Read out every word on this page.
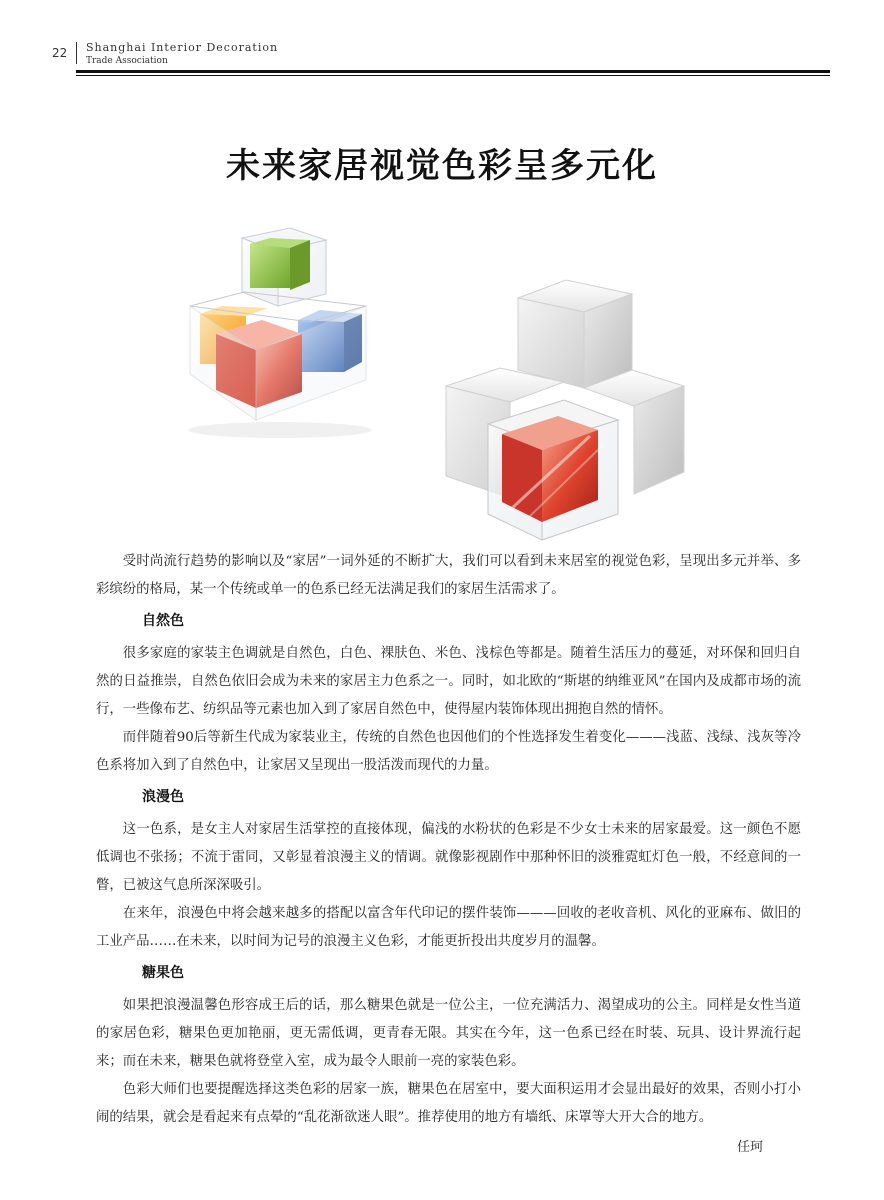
22 Shanghai Interior Decoration
Trade Association
未来家居视觉色彩呈多元化

受时尚流行趋势的影响以及“家居”一词外延的不断扩大，我们可以看到未来居室的视觉色彩，呈现出多元并举、多彩缤纷的格局，某一个传统或单一的色系已经无法满足我们的家居生活需求了。

自然色

很多家庭的家装主色调就是自然色，白色、裸肤色、米色、浅棕色等都是。随着生活压力的蔓延，对环保和回归自然的日益推崇，自然色依旧会成为未来的家居主力色系之一。同时，如北欧的“斯堪的纳维亚风”在国内及成都市场的流行，一些像布艺、纺织品等元素也加入到了家居自然色中，使得屋内装饰体现出拥抱自然的情怀。

而伴随着90后等新生代成为家装业主，传统的自然色也因他们的个性选择发生着变化———浅蓝、浅绿、浅灰等冷色系将加入到了自然色中，让家居又呈现出一股活泼而现代的力量。

浪漫色

这一色系，是女主人对家居生活掌控的直接体现，偏浅的水粉状的色彩是不少女士未来的居家最爱。这一颜色不愿低调也不张扬；不流于雷同，又彰显着浪漫主义的情调。就像影视剧作中那种怀旧的淡雅霓虹灯色一般，不经意间的一瞥，已被这气息所深深吸引。

在来年，浪漫色中将会越来越多的搭配以富含年代印记的摆件装饰———回收的老收音机、风化的亚麻布、做旧的工业产品……在未来，以时间为记号的浪漫主义色彩，才能更折投出共度岁月的温馨。

糖果色

如果把浪漫温馨色形容成王后的话，那么糖果色就是一位公主，一位充满活力、渴望成功的公主。同样是女性当道的家居色彩，糖果色更加艳丽，更无需低调，更青春无限。其实在今年，这一色系已经在时装、玩具、设计界流行起来；而在未来，糖果色就将登堂入室，成为最令人眼前一亮的家装色彩。

色彩大师们也要提醒选择这类色彩的居家一族，糖果色在居室中，要大面积运用才会显出最好的效果，否则小打小闹的结果，就会是看起来有点晕的“乱花渐欲迷人眼”。推荐使用的地方有墙纸、床罩等大开大合的地方。

任珂
